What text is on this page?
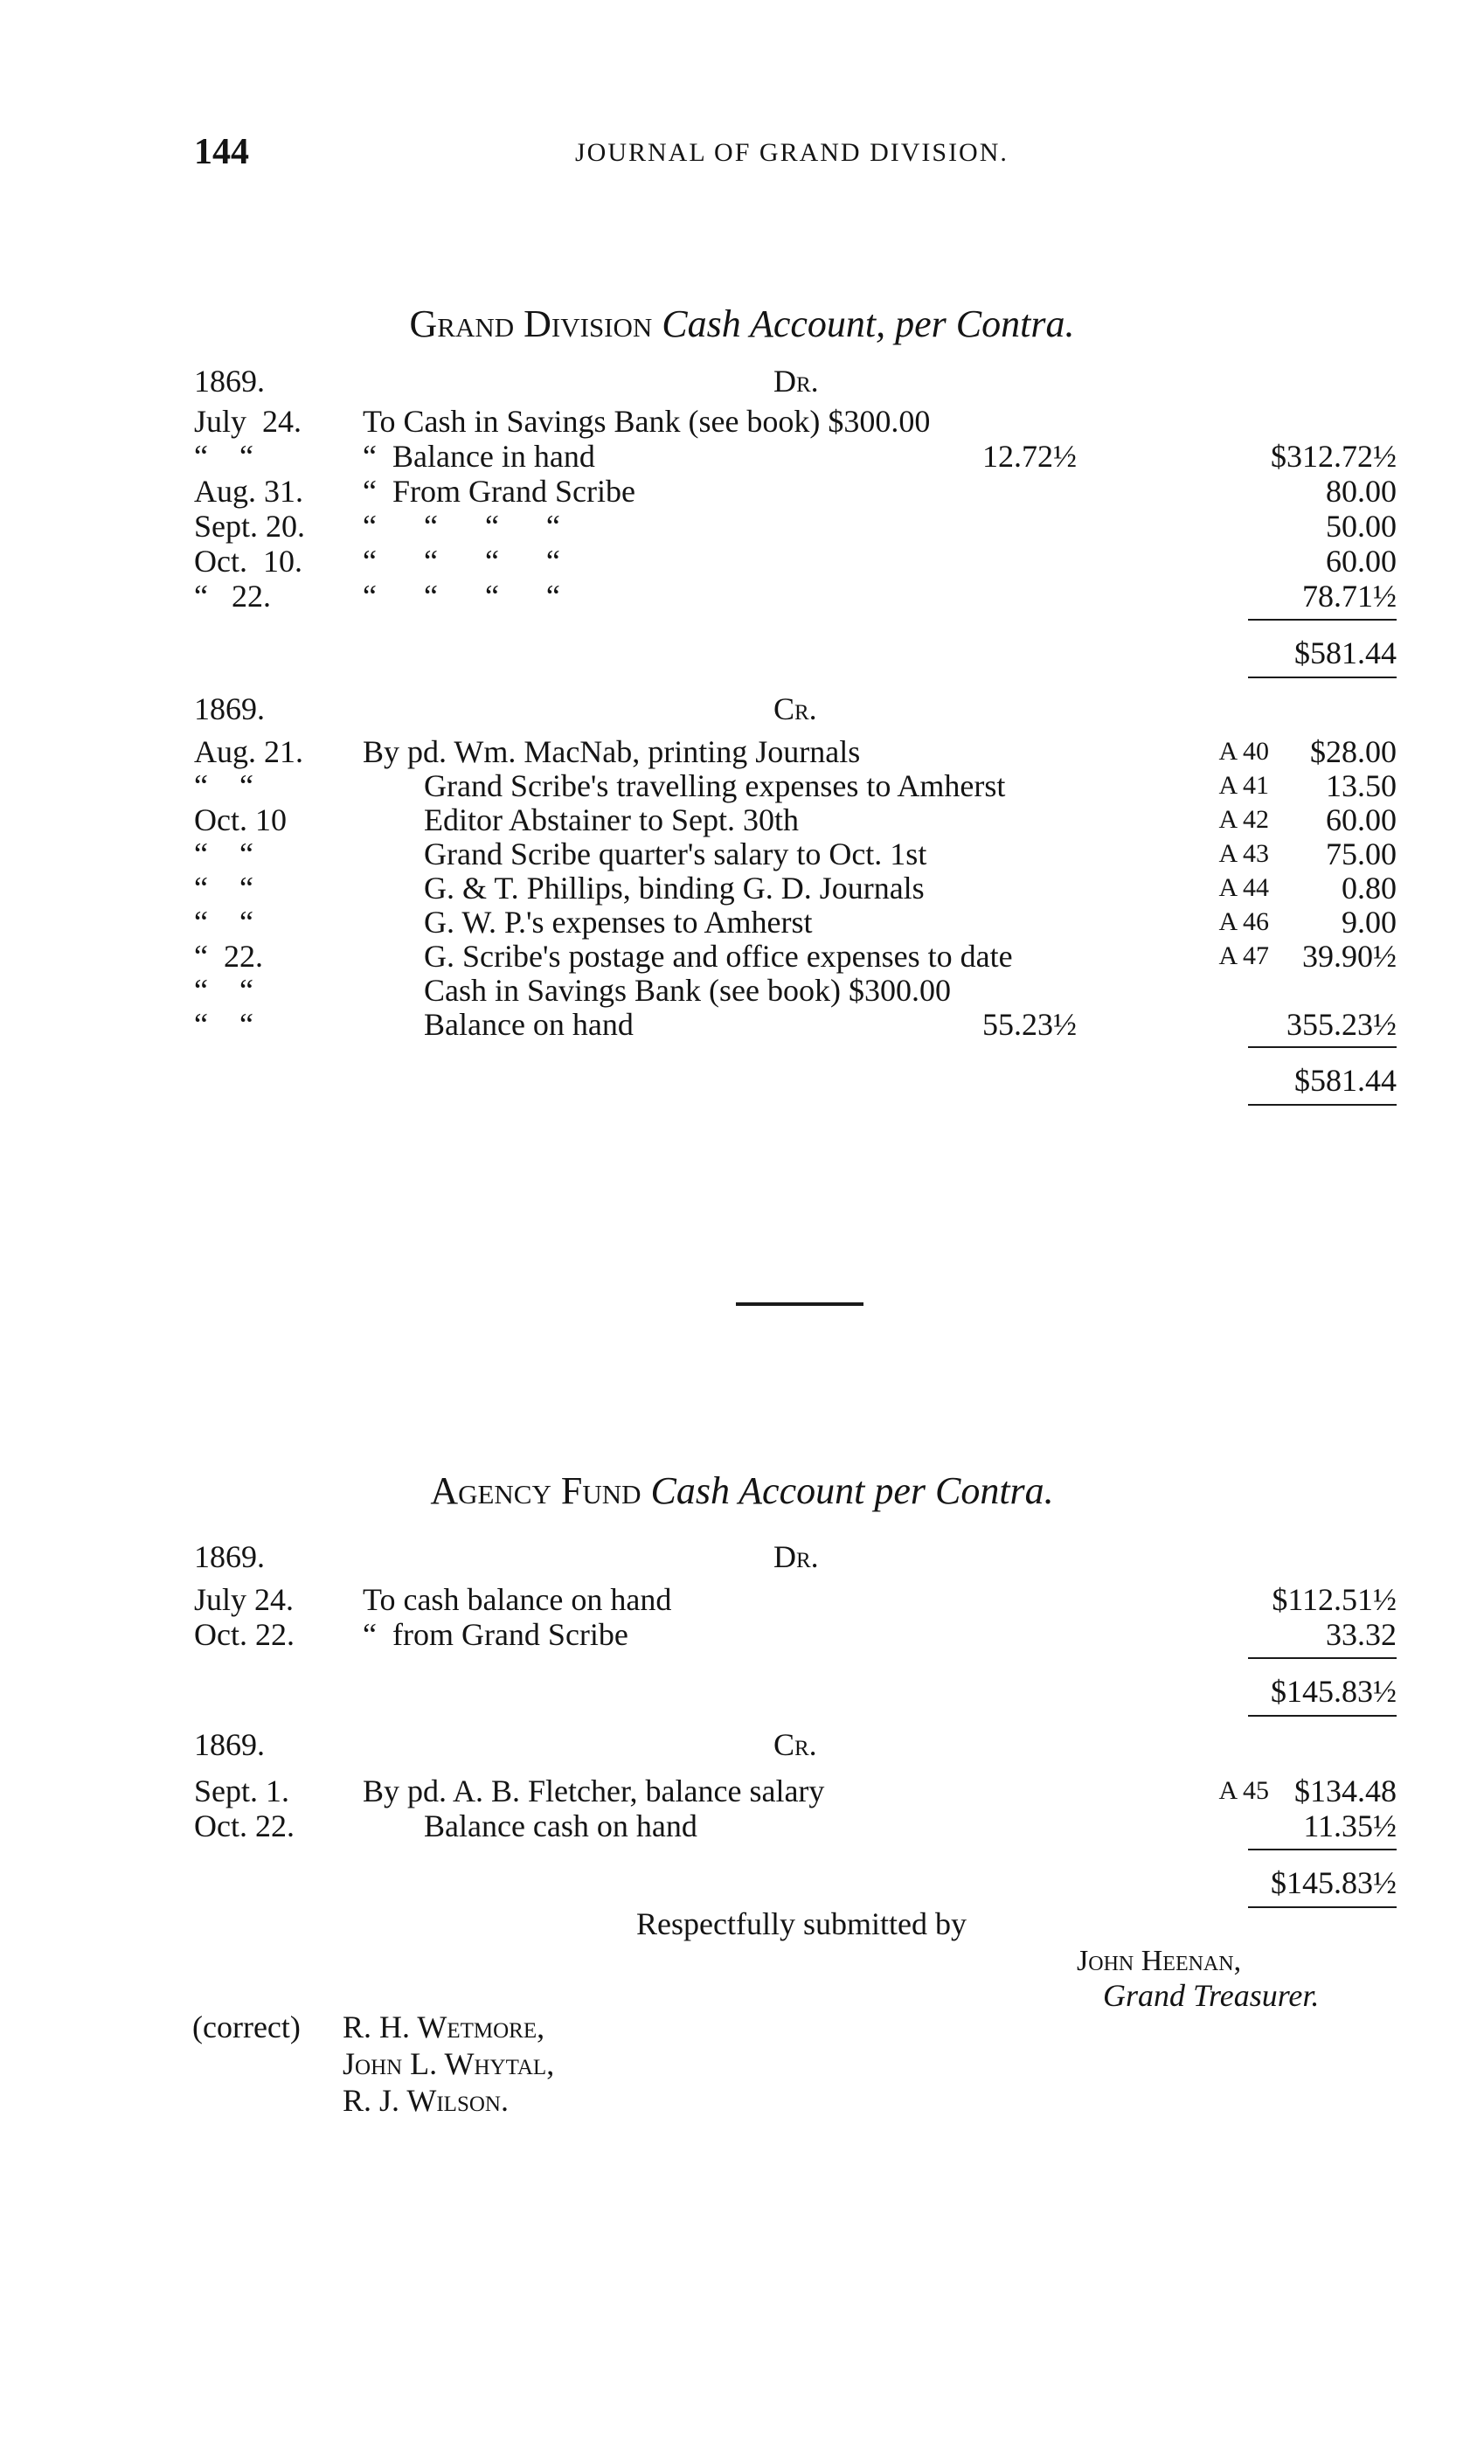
144	JOURNAL OF GRAND DIVISION.
Grand Division Cash Account, per Contra.
1869.	Dr.
July  24. To Cash in Savings Bank (see book) $300.00
“    “	“  Balance in hand	12.72½	$312.72½
Aug. 31. “  From Grand Scribe	80.00
Sept. 20. “      “      “      “	50.00
Oct.  10. “      “      “      “	60.00
“   22.	“      “      “      “	78.71½
$581.44
1869.	Cr.
Aug. 21. By pd. Wm. MacNab, printing Journals	A 40	$28.00
“    “	Grand Scribe's travelling expenses to Amherst	A 41	13.50
Oct. 10	Editor Abstainer to Sept. 30th	A 42	60.00
“    “	Grand Scribe quarter's salary to Oct. 1st	A 43	75.00
“    “	G. & T. Phillips, binding G. D. Journals	A 44	0.80
“    “	G. W. P.'s expenses to Amherst	A 46	9.00
“  22.	G. Scribe's postage and office expenses to date	A 47	39.90½
“    “	Cash in Savings Bank (see book) $300.00
“    “	Balance on hand	55.23½	355.23½
$581.44
Agency Fund Cash Account per Contra.
1869.	Dr.
July 24. To cash balance on hand	$112.51½
Oct. 22. “  from Grand Scribe	33.32
$145.83½
1869.	Cr.
Sept. 1. By pd. A. B. Fletcher, balance salary	A 45 $134.48
Oct. 22.	Balance cash on hand	11.35½
$145.83½
Respectfully submitted by
John Heenan,
Grand Treasurer.
(correct) R. H. Wetmore,
John L. Whytal,
R. J. Wilson.
